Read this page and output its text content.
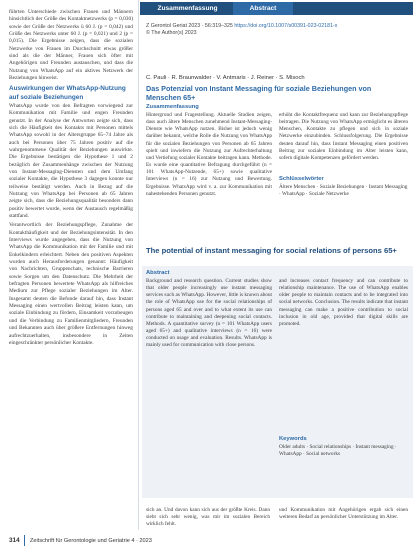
führten Unterschiede zwischen Frauen und Männern hinsichtlich der Größe des Kontaktnetzwerks (p = 0,030) sowie der Größe der Netzwerks ü 60 J. (p = 0,042) und Größe des Netzwerks unter 60 J. (p = 0,021) und 2 (p = 0,015). Die Ergebnisse zeigen, dass die sozialen Netzwerke von Frauen im Durchschnitt etwas größer sind als die der Männer, Frauen sich öfter mit Angehörigen und Freunden austauschen, und dass die Nutzung von WhatsApp auf ein aktives Netzwerk der Beziehungen hinweist.

Auswirkungen der WhatsApp-Nutzung auf soziale Beziehungen

WhatsApp wurde von den Befragten vorwiegend zur Kommunikation mit Familie und engen Freunden genutzt. In der Analyse der Antworten zeigte sich, dass sich die Häufigkeit des Kontakts mit Personen mittels WhatsApp sowohl in der Altersgruppe 65–74 Jahre als auch bei Personen über 75 Jahren positiv auf die wahrgenommene Qualität der Beziehungen auswirkte. Die Ergebnisse bestätigen die Hypothese 1 und 2 bezüglich der Zusammenhänge zwischen der Nutzung von Instant-Messaging-Diensten und dem Umfang sozialer Kontakte, die Hypothese 3 dagegen konnte nur teilweise bestätigt werden. Auch in Bezug auf die Nutzung von WhatsApp bei Personen ab 65 Jahren zeigte sich, dass die Beziehungsqualität besonders dann positiv bewertet wurde, wenn der Austausch regelmäßig stattfand.

Verantwortlich der Beziehungspflege, Zunahme der Kontakthäufigkeit und der Beziehungsintensität. In den Interviews wurde angegeben, dass die Nutzung von WhatsApp die Kommunikation mit der Familie und mit Enkelkindern erleichtert. Neben den positiven Aspekten wurden auch Herausforderungen genannt: Häufigkeit von Nachrichten, Gruppenchats, technische Barrieren sowie Sorgen um den Datenschutz. Die Mehrheit der befragten Personen bewertete WhatsApp als hilfreiches Medium zur Pflege sozialer Beziehungen im Alter. Insgesamt deuten die Befunde darauf hin, dass Instant Messaging einen wertvollen Beitrag leisten kann, um soziale Einbindung zu fördern, Einsamkeit vorzubeugen und die Verbindung zu Familienmitgliedern, Freunden und Bekannten auch über größere Entfernungen hinweg aufrechtzuerhalten, insbesondere in Zeiten eingeschränkter persönlicher Kontakte.

Zusammenfassung	Abstract
Z Gerontol Geriat 2023 · 56:319–325 https://doi.org/10.1007/s00391-023-02181-x
© The Author(s) 2023
C. Pauli · R. Braunwalder · V. Antmaris · J. Reiner · S. Misoch
Das Potenzial von Instant Messaging für soziale Beziehungen von Menschen 65+
Zusammenfassung
Hintergrund und Fragestellung. Aktuelle Studien zeigen, dass auch ältere Menschen zunehmend Instant-Messaging-Dienste wie WhatsApp nutzen. Bisher ist jedoch wenig darüber bekannt, welche Rolle die Nutzung von WhatsApp für die sozialen Beziehungen von Personen ab 65 Jahren spielt und inwiefern die Nutzung zur Aufrechterhaltung und Vertiefung sozialer Kontakte beitragen kann. Methode. Es wurde eine quantitative Befragung durchgeführt (n = 101 WhatsApp-Nutzende, 65+) sowie qualitative Interviews (n = 16) zur Nutzung und Bewertung. Ergebnisse. WhatsApp wird v. a. zur Kommunikation mit nahestehenden Personen genutzt.
erhöht die Kontaktfrequenz und kann zur Beziehungspflege beitragen. Die Nutzung von WhatsApp ermöglicht es älteren Menschen, Kontakte zu pflegen und sich in soziale Netzwerke einzubinden. Schlussfolgerung. Die Ergebnisse deuten darauf hin, dass Instant Messaging einen positiven Beitrag zur sozialen Einbindung im Alter leisten kann, sofern digitale Kompetenzen gefördert werden.
Schlüsselwörter
Ältere Menschen · Soziale Beziehungen · Instant Messaging · WhatsApp · Soziale Netzwerke
The potential of instant messaging for social relations of persons 65+
Abstract
Background and research question. Current studies show that older people increasingly use instant messaging services such as WhatsApp. However, little is known about the role of WhatsApp use for the social relationships of persons aged 65 and over and to what extent its use can contribute to maintaining and deepening social contacts. Methods. A quantitative survey (n = 101 WhatsApp users aged 65+) and qualitative interviews (n = 16) were conducted on usage and evaluation. Results. WhatsApp is mainly used for communication with close persons.
and increases contact frequency and can contribute to relationship maintenance. The use of WhatsApp enables older people to maintain contacts and to be integrated into social networks. Conclusion. The results indicate that instant messaging can make a positive contribution to social inclusion in old age, provided that digital skills are promoted.
Keywords
Older adults · Social relationships · Instant messaging · WhatsApp · Social networks
sich an. Und davon kann sich aus der größte Kreis. Dann sieht sich sehr wenig, was mir im sozialen Bereich wirklich fehlt.
und Kommunikation mit Angehörigen ergab sich einen weiteren Bedarf an persönlicher Unterstützung im Alter.
314 Zeitschrift für Gerontologie und Geriatrie 4 · 2023
